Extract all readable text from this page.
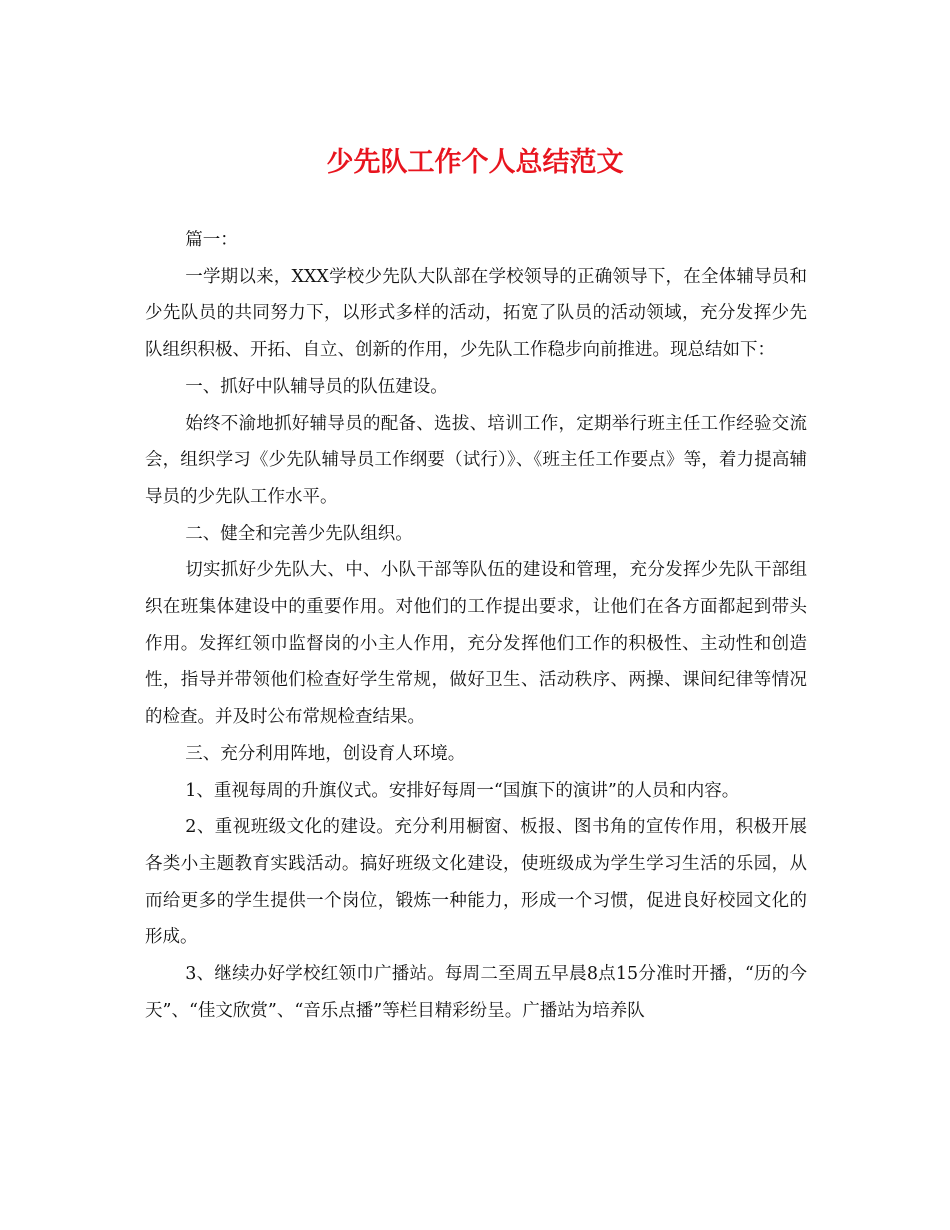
少先队工作个人总结范文

篇一：

一学期以来，XXX学校少先队大队部在学校领导的正确领导下，在全体辅导员和少先队员的共同努力下，以形式多样的活动，拓宽了队员的活动领域，充分发挥少先队组织积极、开拓、自立、创新的作用，少先队工作稳步向前推进。现总结如下：

一、抓好中队辅导员的队伍建设。

始终不渝地抓好辅导员的配备、选拔、培训工作，定期举行班主任工作经验交流会，组织学习《少先队辅导员工作纲要（试行）》、《班主任工作要点》等，着力提高辅导员的少先队工作水平。

二、健全和完善少先队组织。

切实抓好少先队大、中、小队干部等队伍的建设和管理，充分发挥少先队干部组织在班集体建设中的重要作用。对他们的工作提出要求，让他们在各方面都起到带头作用。发挥红领巾监督岗的小主人作用，充分发挥他们工作的积极性、主动性和创造性，指导并带领他们检查好学生常规，做好卫生、活动秩序、两操、课间纪律等情况的检查。并及时公布常规检查结果。

三、充分利用阵地，创设育人环境。

1、重视每周的升旗仪式。安排好每周一“国旗下的演讲”的人员和内容。

2、重视班级文化的建设。充分利用橱窗、板报、图书角的宣传作用，积极开展各类小主题教育实践活动。搞好班级文化建设，使班级成为学生学习生活的乐园，从而给更多的学生提供一个岗位，锻炼一种能力，形成一个习惯，促进良好校园文化的形成。

3、继续办好学校红领巾广播站。每周二至周五早晨8点15分准时开播，“历的今天”、“佳文欣赏”、“音乐点播”等栏目精彩纷呈。广播站为培养队
